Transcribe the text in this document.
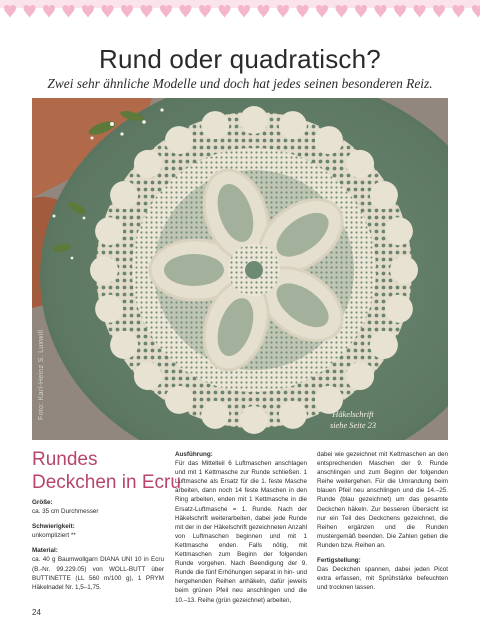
Rund oder quadratisch?
Zwei sehr ähnliche Modelle und doch hat jedes seinen besonderen Reiz.
Foto: Karl-Heinz S. Luxwill	Häkelschrift
siehe Seite 23
Rundes
Deckchen in Ecru
Größe:
ca. 35 cm Durchmesser
Schwierigkeit:
unkompliziert **
Material:

ca. 40 g Baumwollgarn DIANA UNI 10 in Ecru (B.-Nr. 99.229.05) von WOLL-BUTT über BUTTINETTE (LL 560 m/100 g), 1 PRYM Häkelnadel Nr. 1,5–1,75.

Ausführung:

Für das Mittelteil 6 Luftmaschen anschlagen und mit 1 Kettmasche zur Runde schließen. 1 Luftmasche als Ersatz für die 1. feste Masche arbeiten, dann noch 14 feste Maschen in den Ring arbeiten, enden mit 1 Kettmasche in die Ersatz-Luftmasche = 1. Runde. Nach der Häkelschrift weiterarbeiten, dabei jede Runde mit der in der Häkelschrift gezeichneten Anzahl von Luftmaschen beginnen und mit 1 Kettmasche enden. Falls nötig, mit Kettmaschen zum Beginn der folgenden Runde vorgehen. Nach Beendigung der 9. Runde die fünf Erhöhungen separat in hin- und hergehenden Reihen anhäkeln, dafür jeweils beim grünen Pfeil neu anschlingen und die 10.–13. Reihe (grün gezeichnet) arbeiten,

dabei wie gezeichnet mit Kettmaschen an den entsprechenden Maschen der 9. Runde anschlingen und zum Beginn der folgenden Reihe weitergehen. Für die Umrandung beim blauen Pfeil neu anschlingen und die 14.–25. Runde (blau gezeichnet) um das gesamte Deckchen häkeln. Zur besseren Übersicht ist nur ein Teil des Deckchens gezeichnet, die Reihen ergänzen und die Runden mustergemäß beenden. Die Zahlen geben die Runden bzw. Reihen an.

Fertigstellung:

Das Deckchen spannen, dabei jeden Picot extra erfassen, mit Sprühstärke befeuchten und trocknen lassen.

24
